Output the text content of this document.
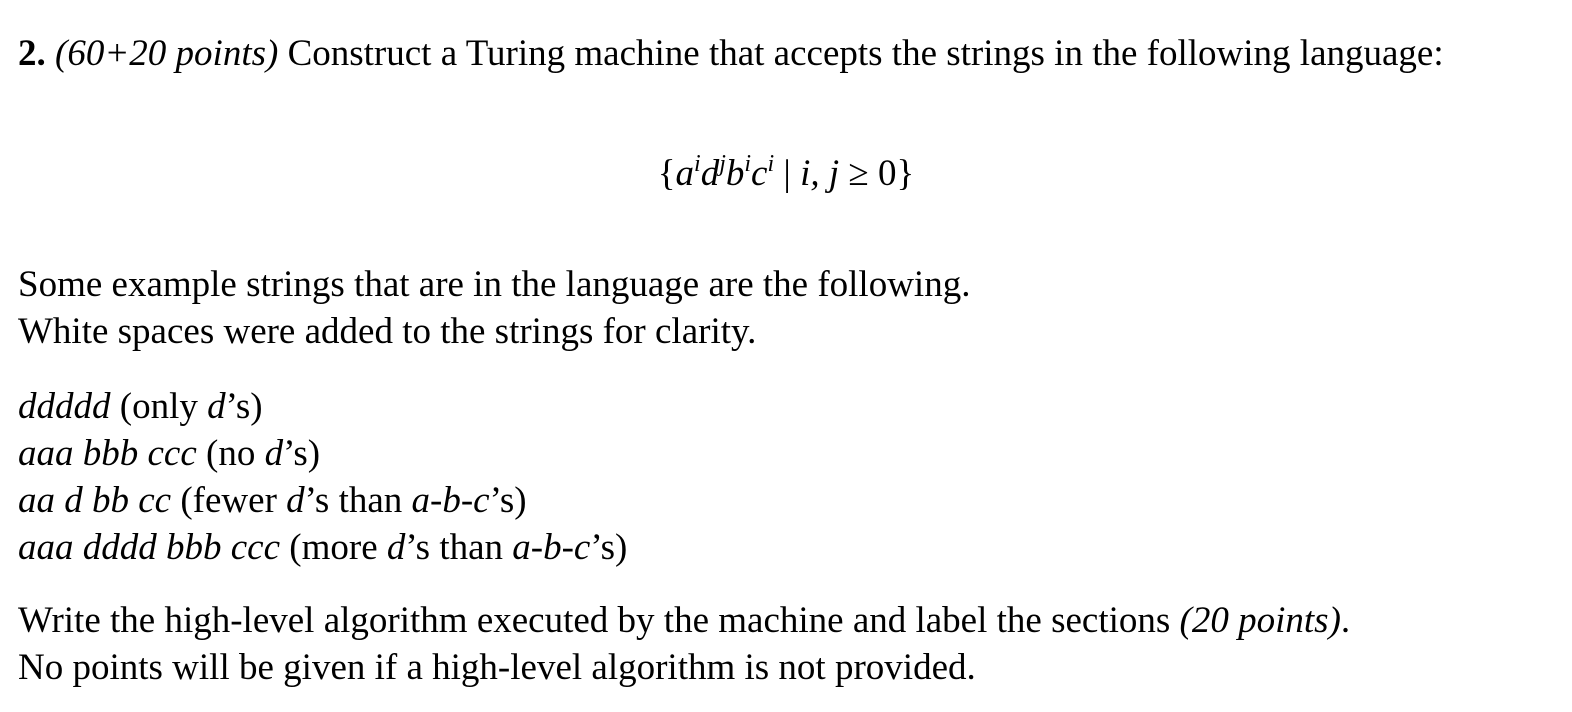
2. (60+20 points) Construct a Turing machine that accepts the strings in the following language:
{$a^id^jb^ic^i$ | i, j ≥ 0}
Some example strings that are in the language are the following.
White spaces were added to the strings for clarity.
ddddd (only d’s)
aaa bbb ccc (no d’s)
aa d bb cc (fewer d’s than a-b-c’s)
aaa dddd bbb ccc (more d’s than a-b-c’s)
Write the high-level algorithm executed by the machine and label the sections (20 points).
No points will be given if a high-level algorithm is not provided.
